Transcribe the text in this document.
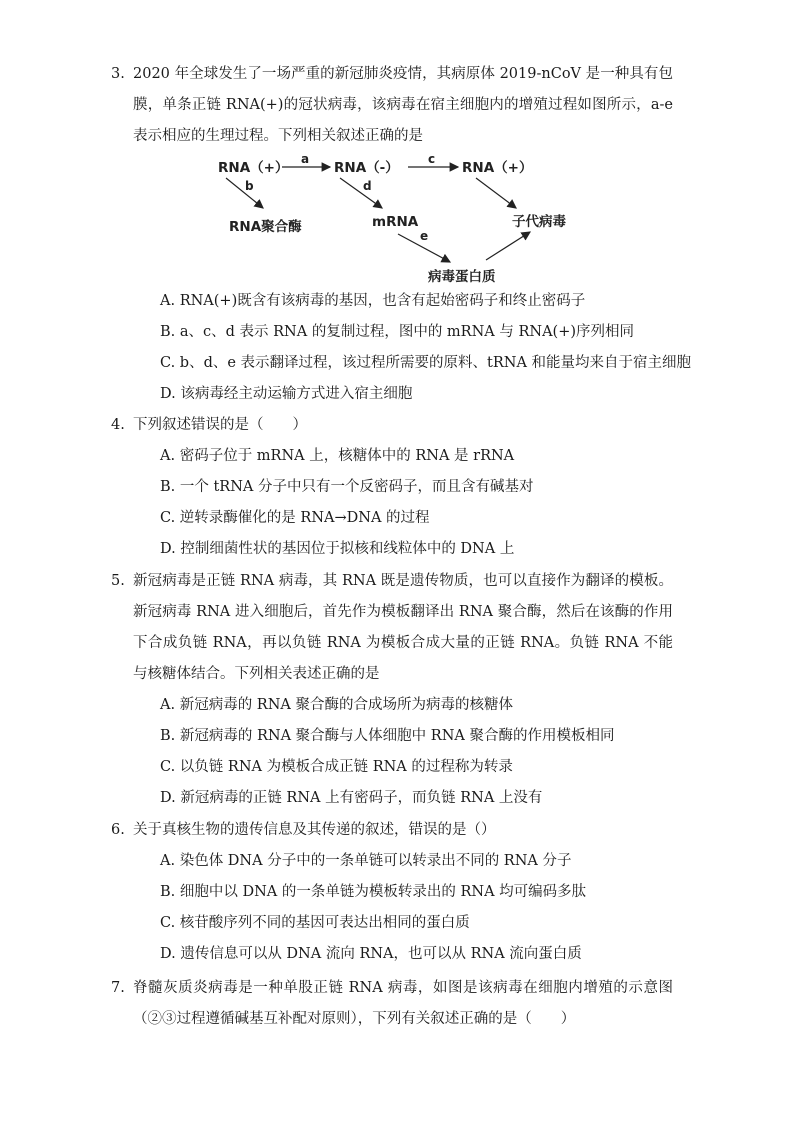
3. 2020 年全球发生了一场严重的新冠肺炎疫情，其病原体 2019-nCoV 是一种具有包膜，单条正链 RNA(+)的冠状病毒，该病毒在宿主细胞内的增殖过程如图所示，a-e 表示相应的生理过程。下列相关叙述正确的是
RNA（+）	RNA（-）	RNA（+）
RNA聚合酶	mRNA	子代病毒
病毒蛋白质
a	c
b	d
e
A. RNA(+)既含有该病毒的基因，也含有起始密码子和终止密码子
B. a、c、d 表示 RNA 的复制过程，图中的 mRNA 与 RNA(+)序列相同
C. b、d、e 表示翻译过程，该过程所需要的原料、tRNA 和能量均来自于宿主细胞
D. 该病毒经主动运输方式进入宿主细胞
4. 下列叙述错误的是（　　）
A. 密码子位于 mRNA 上，核糖体中的 RNA 是 rRNA
B. 一个 tRNA 分子中只有一个反密码子，而且含有碱基对
C. 逆转录酶催化的是 RNA→DNA 的过程
D. 控制细菌性状的基因位于拟核和线粒体中的 DNA 上
5. 新冠病毒是正链 RNA 病毒，其 RNA 既是遗传物质，也可以直接作为翻译的模板。新冠病毒 RNA 进入细胞后，首先作为模板翻译出 RNA 聚合酶，然后在该酶的作用下合成负链 RNA，再以负链 RNA 为模板合成大量的正链 RNA。负链 RNA 不能与核糖体结合。下列相关表述正确的是
A. 新冠病毒的 RNA 聚合酶的合成场所为病毒的核糖体
B. 新冠病毒的 RNA 聚合酶与人体细胞中 RNA 聚合酶的作用模板相同
C. 以负链 RNA 为模板合成正链 RNA 的过程称为转录
D. 新冠病毒的正链 RNA 上有密码子，而负链 RNA 上没有
6. 关于真核生物的遗传信息及其传递的叙述，错误的是（）
A. 染色体 DNA 分子中的一条单链可以转录出不同的 RNA 分子
B. 细胞中以 DNA 的一条单链为模板转录出的 RNA 均可编码多肽
C. 核苷酸序列不同的基因可表达出相同的蛋白质
D. 遗传信息可以从 DNA 流向 RNA，也可以从 RNA 流向蛋白质
7. 脊髓灰质炎病毒是一种单股正链 RNA 病毒，如图是该病毒在细胞内增殖的示意图（②③过程遵循碱基互补配对原则），下列有关叙述正确的是（　　）
